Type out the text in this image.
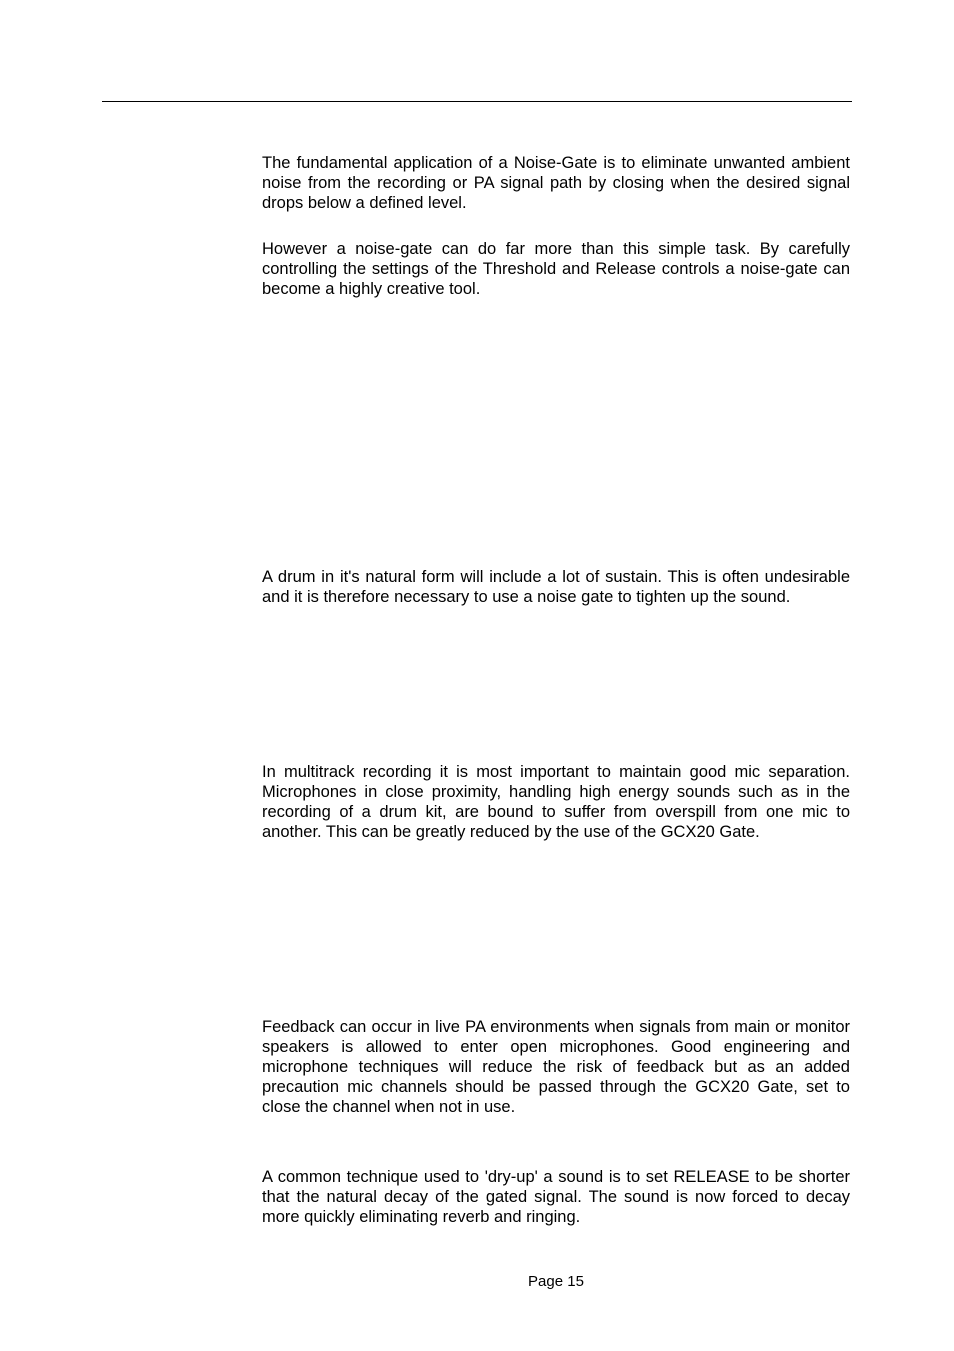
The fundamental application of a Noise-Gate is to eliminate unwanted ambient noise from the recording or PA signal path by closing when the desired signal drops below a defined level.

However a noise-gate can do far more than this simple task. By carefully controlling the settings of the Threshold and Release controls a noise-gate can become a highly creative tool.

A drum in it's natural form will include a lot of sustain. This is often undesirable and it is therefore necessary to use a noise gate to tighten up the sound.

In multitrack recording it is most important to maintain good mic separation. Microphones in close proximity, handling high energy sounds such as in the recording of a drum kit, are bound to suffer from overspill from one mic to another. This can be greatly reduced by the use of the GCX20 Gate.

Feedback can occur in live PA environments when signals from main or monitor speakers is allowed to enter open microphones. Good engineering and microphone techniques will reduce the risk of feedback but as an added precaution mic channels should be passed through the GCX20 Gate, set to close the channel when not in use.

A common technique used to 'dry-up' a sound is to set RELEASE to be shorter that the natural decay of the gated signal. The sound is now forced to decay more quickly eliminating reverb and ringing.

Page 15
